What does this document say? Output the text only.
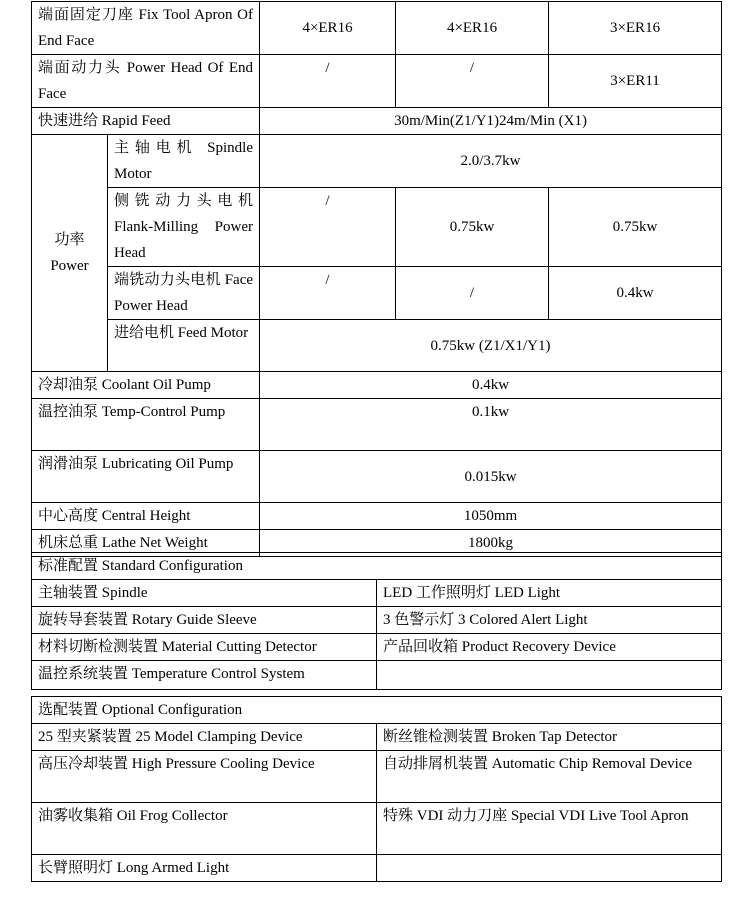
端面固定刀座 Fix Tool Apron Of End Face		4×ER16	4×ER16	3×ER16
端面动力头 Power Head Of End Face		/	/	3×ER11
快速进给 Rapid Feed		30m/Min(Z1/Y1)24m/Min (X1)		

功率
Power	主轴电机 Spindle Motor	2.0/3.7kw		
	侧铣动力头电机 Flank-Milling Power Head	/	0.75kw	0.75kw
	端铣动力头电机 Face Power Head	/	/	0.4kw
	进给电机 Feed Motor	0.75kw (Z1/X1/Y1)		
冷却油泵 Coolant Oil Pump		0.4kw		
温控油泵 Temp-Control Pump		0.1kw		
润滑油泵 Lubricating Oil Pump		0.015kw		
中心高度 Central Height		1050mm		
机床总重 Lathe Net Weight		1800kg		
标准配置 Standard Configuration	
主轴装置 Spindle	LED 工作照明灯 LED Light
旋转导套装置 Rotary Guide Sleeve	3 色警示灯 3 Colored Alert Light
材料切断检测装置 Material Cutting Detector	产品回收箱 Product Recovery Device
温控系统装置 Temperature Control System	
选配装置 Optional Configuration	
25 型夹紧装置 25 Model Clamping Device	断丝锥检测装置 Broken Tap Detector
高压冷却装置 High Pressure Cooling Device	自动排屑机装置 Automatic Chip Removal Device
油雾收集箱 Oil Frog Collector	特殊 VDI 动力刀座 Special VDI Live Tool Apron
长臂照明灯 Long Armed Light	
